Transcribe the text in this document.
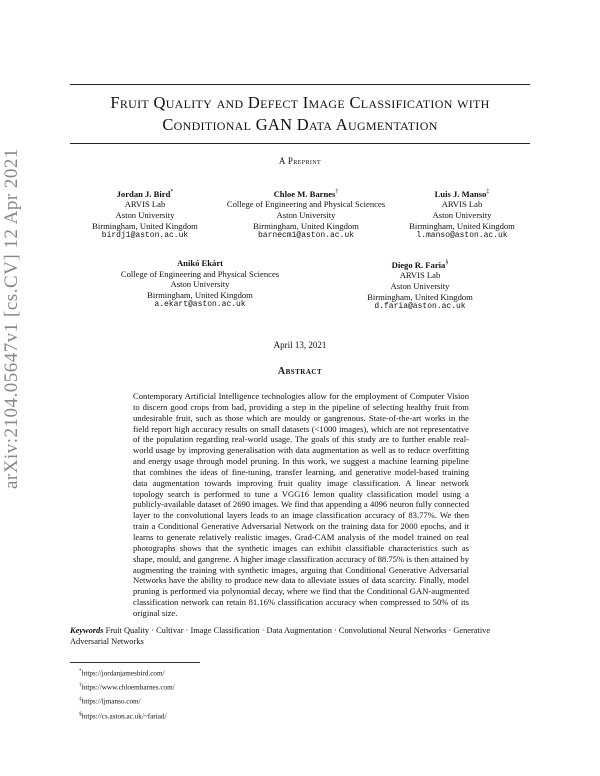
arXiv:2104.05647v1 [cs.CV] 12 Apr 2021
Fruit Quality and Defect Image Classification with
Conditional GAN Data Augmentation
A Preprint
Jordan J. Bird*
ARVIS Lab
Aston University
Birmingham, United Kingdom
birdj1@aston.ac.uk
Chloe M. Barnes†
College of Engineering and Physical Sciences
Aston University
Birmingham, United Kingdom
barnecm1@aston.ac.uk
Luis J. Manso‡
ARVIS Lab
Aston University
Birmingham, United Kingdom
l.manso@aston.ac.uk
Anikó Ekárt
College of Engineering and Physical Sciences
Aston University
Birmingham, United Kingdom
a.ekart@aston.ac.uk
Diego R. Faria§
ARVIS Lab
Aston University
Birmingham, United Kingdom
d.faria@aston.ac.uk
April 13, 2021
Abstract
Contemporary Artificial Intelligence technologies allow for the employment of Computer Vision to discern good crops from bad, providing a step in the pipeline of selecting healthy fruit from undesirable fruit, such as those which are mouldy or gangrenous. State-of-the-art works in the field report high accuracy results on small datasets (<1000 images), which are not representative of the population regarding real-world usage. The goals of this study are to further enable real-world usage by improving generalisation with data augmentation as well as to reduce overfitting and energy usage through model pruning. In this work, we suggest a machine learning pipeline that combines the ideas of fine-tuning, transfer learning, and generative model-based training data augmentation towards improving fruit quality image classification. A linear network topology search is performed to tune a VGG16 lemon quality classification model using a publicly-available dataset of 2690 images. We find that appending a 4096 neuron fully connected layer to the convolutional layers leads to an image classification accuracy of 83.77%. We then train a Conditional Generative Adversarial Network on the training data for 2000 epochs, and it learns to generate relatively realistic images. Grad-CAM analysis of the model trained on real photographs shows that the synthetic images can exhibit classifiable characteristics such as shape, mould, and gangrene. A higher image classification accuracy of 88.75% is then attained by augmenting the training with synthetic images, arguing that Conditional Generative Adversarial Networks have the ability to produce new data to alleviate issues of data scarcity. Finally, model pruning is performed via polynomial decay, where we find that the Conditional GAN-augmented classification network can retain 81.16% classification accuracy when compressed to 50% of its original size.
Keywords Fruit Quality · Cultivar · Image Classification · Data Augmentation · Convolutional Neural Networks · Generative Adversarial Networks
*https://jordanjamesbird.com/
†https://www.chloembarnes.com/
‡https://ljmanso.com/
§https://cs.aston.ac.uk/~fariad/
